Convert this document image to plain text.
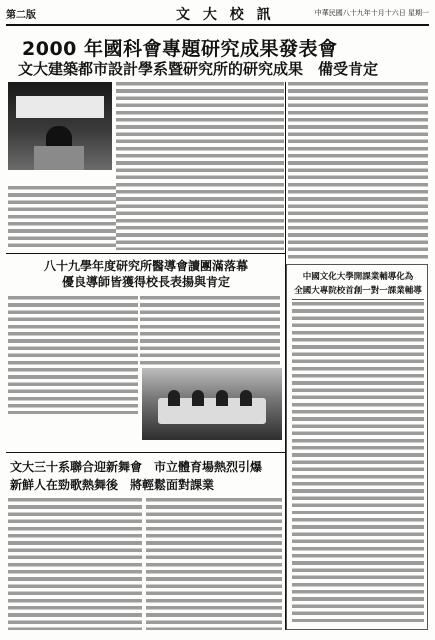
第二版	文 大 校 訊	中華民國八十九年十月十六日 星期一
2000 年國科會專題研究成果發表會
文大建築都市設計學系暨研究所的研究成果　備受肯定
八十九學年度研究所醫導會讀團滿落幕
優良導師皆獲得校長表揚與肯定
文大三十系聯合迎新舞會　市立體育場熱烈引爆
新鮮人在勁歌熱舞後　將輕鬆面對課業
中國文化大學開課業輔導化為
全國大專院校首創一對一課業輔導
